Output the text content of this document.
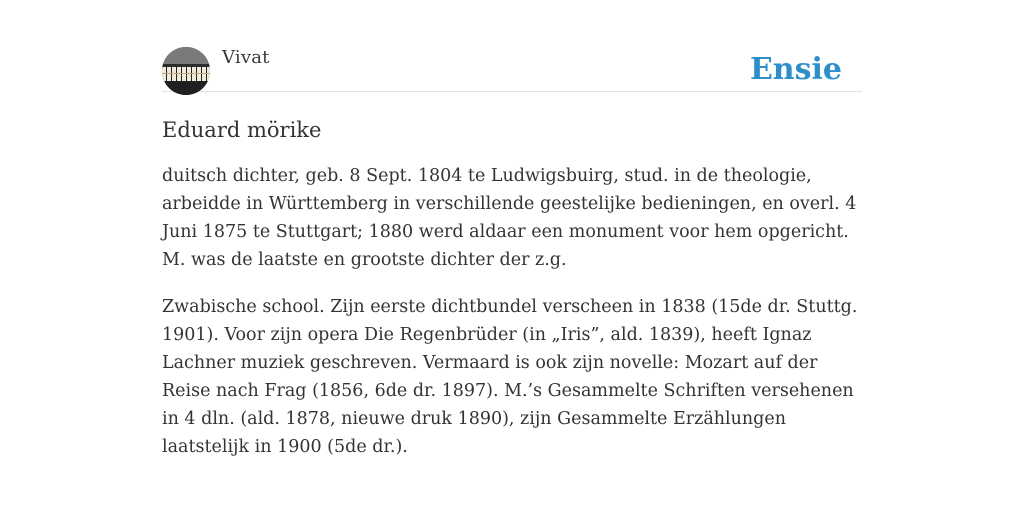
Vivat	Ensie
Eduard mörike

duitsch dichter, geb. 8 Sept. 1804 te Ludwigsbuirg, stud. in de theologie, arbeidde in Württemberg in verschillende geestelijke bedieningen, en overl. 4 Juni 1875 te Stuttgart; 1880 werd aldaar een monument voor hem opgericht. M. was de laatste en grootste dichter der z.g.

Zwabische school. Zijn eerste dichtbundel verscheen in 1838 (15de dr. Stuttg. 1901). Voor zijn opera Die Regenbrüder (in „Iris”, ald. 1839), heeft Ignaz Lachner muziek geschreven. Vermaard is ook zijn novelle: Mozart auf der Reise nach Frag (1856, 6de dr. 1897). M.’s Gesammelte Schriften versehenen in 4 dln. (ald. 1878, nieuwe druk 1890), zijn Gesammelte Erzählungen laatstelijk in 1900 (5de dr.).
